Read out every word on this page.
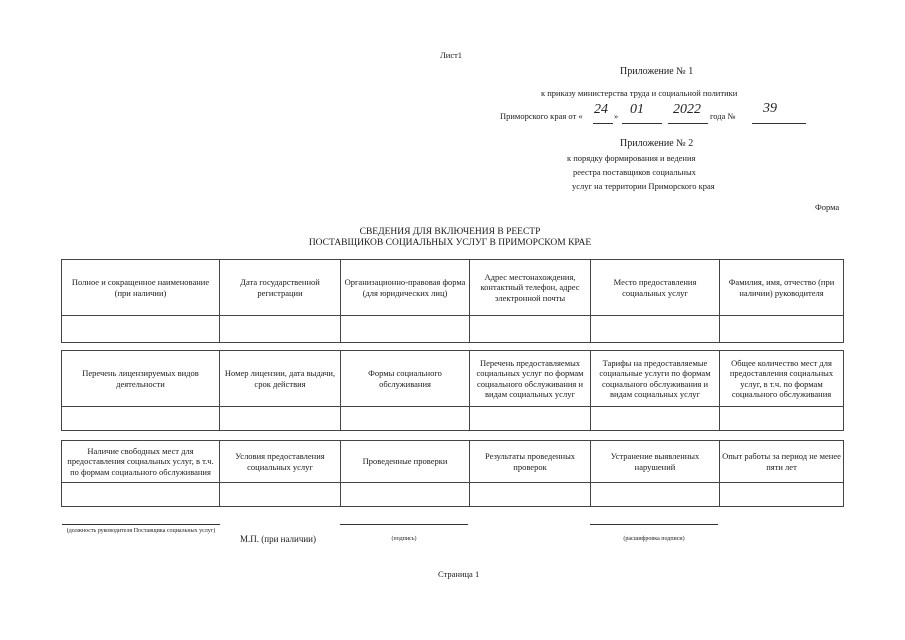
Лист1
Приложение № 1
к приказу министерства труда и социальной политики
Приморского края от « 24 » 01 2022 года № 39
Приложение № 2
к порядку формирования и ведения
реестра поставщиков социальных
услуг на территории Приморского края
Форма
СВЕДЕНИЯ ДЛЯ ВКЛЮЧЕНИЯ В РЕЕСТР
ПОСТАВЩИКОВ СОЦИАЛЬНЫХ УСЛУГ В ПРИМОРСКОМ КРАЕ
Полное и сокращенное наименование (при наличии)	Дата государственной регистрации	Организационно-правовая форма (для юридических лиц)	Адрес местонахождения, контактный телефон, адрес электронной почты	Место предоставления социальных услуг	Фамилия, имя, отчество (при наличии) руководителя

Перечень лицензируемых видов деятельности	Номер лицензии, дата выдачи, срок действия	Формы социального обслуживания	Перечень предоставляемых социальных услуг по формам социального обслуживания и видам социальных услуг	Тарифы на предоставляемые социальные услуги по формам социального обслуживания и видам социальных услуг	Общее количество мест для предоставления социальных услуг, в т.ч. по формам социального обслуживания

Наличие свободных мест для предоставления социальных услуг, в т.ч. по формам социального обслуживания	Условия предоставления социальных услуг	Проведенные проверки	Результаты проведенных проверок	Устранение выявленных нарушений	Опыт работы за период не менее пяти лет

(должность руководителя Поставщика социальных услуг)
М.П. (при наличии)	(подпись)	(расшифровка подписи)
Страница 1
